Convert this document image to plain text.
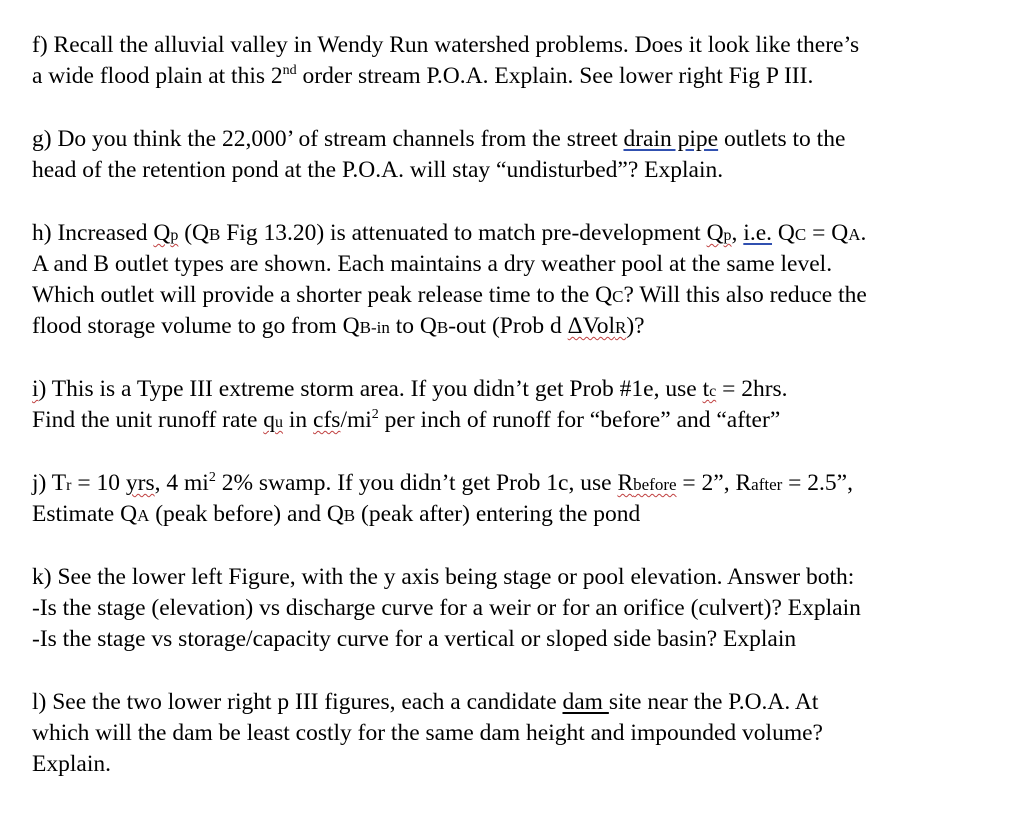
f) Recall the alluvial valley in Wendy Run watershed problems. Does it look like there’s
a wide flood plain at this 2nd order stream P.O.A. Explain. See lower right Fig P III.
g) Do you think the 22,000’ of stream channels from the street drain pipe outlets to the
head of the retention pond at the P.O.A. will stay “undisturbed”? Explain.
h) Increased Qp (QB Fig 13.20) is attenuated to match pre-development Qp, i.e. QC = QA.
A and B outlet types are shown. Each maintains a dry weather pool at the same level.
Which outlet will provide a shorter peak release time to the QC? Will this also reduce the
flood storage volume to go from QB-in to QB-out (Prob d ΔVolR)?
i) This is a Type III extreme storm area. If you didn’t get Prob #1e, use tc = 2hrs.
Find the unit runoff rate qu in cfs/$mi^2$ per inch of runoff for “before” and “after”
j) Tr = 10 yrs, 4 $mi^2$ 2% swamp. If you didn’t get Prob 1c, use Rbefore = 2”, Rafter = 2.5”,
Estimate QA (peak before) and QB (peak after) entering the pond
k) See the lower left Figure, with the y axis being stage or pool elevation. Answer both:
-Is the stage (elevation) vs discharge curve for a weir or for an orifice (culvert)? Explain
-Is the stage vs storage/capacity curve for a vertical or sloped side basin? Explain
l) See the two lower right p III figures, each a candidate dam site near the P.O.A. At
which will the dam be least costly for the same dam height and impounded volume?
Explain.
